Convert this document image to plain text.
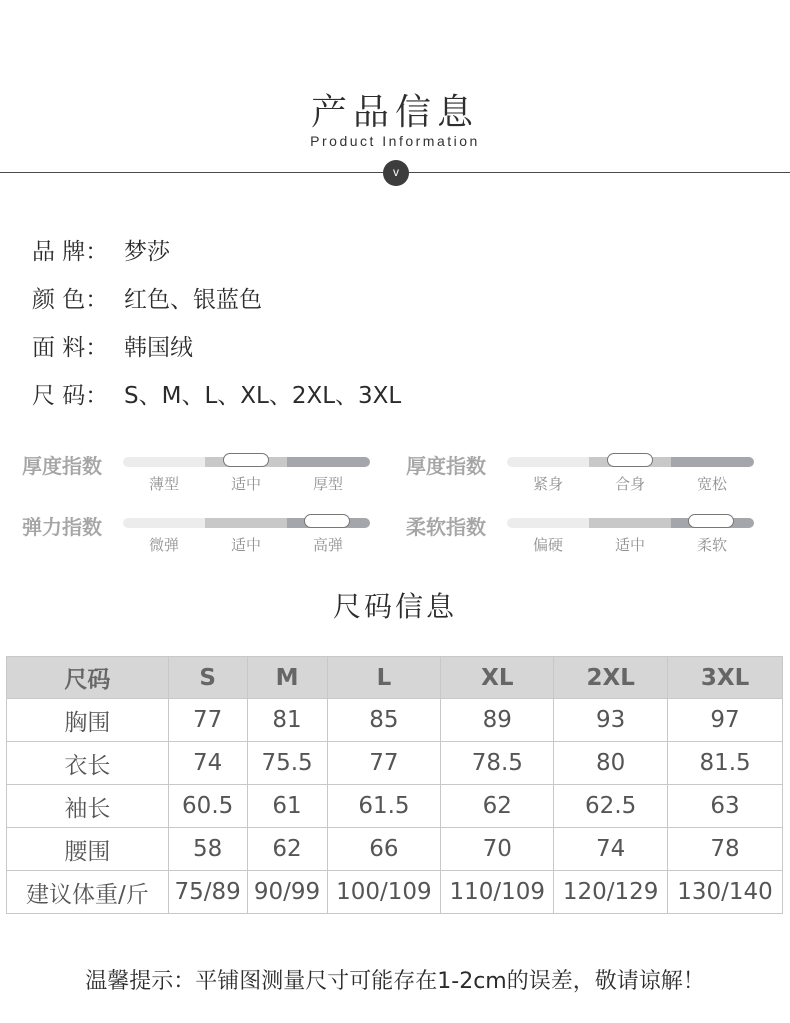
产品信息
Product Information
v
品 牌： 梦莎
颜 色： 红色、银蓝色
面 料： 韩国绒
尺 码： S、M、L、XL、2XL、3XL
厚度指数
薄型	适中	厚型
厚度指数
紧身	合身	宽松
弹力指数
微弹	适中	高弹
柔软指数
偏硬	适中	柔软
尺码信息
尺码	S	M	L	XL	2XL	3XL
胸围	77	81	85	89	93	97
衣长	74	75.5	77	78.5	80	81.5
袖长	60.5	61	61.5	62	62.5	63
腰围	58	62	66	70	74	78
建议体重/斤	75/89	90/99	100/109	110/109	120/129	130/140
温馨提示：平铺图测量尺寸可能存在1-2cm的误差，敬请谅解！
